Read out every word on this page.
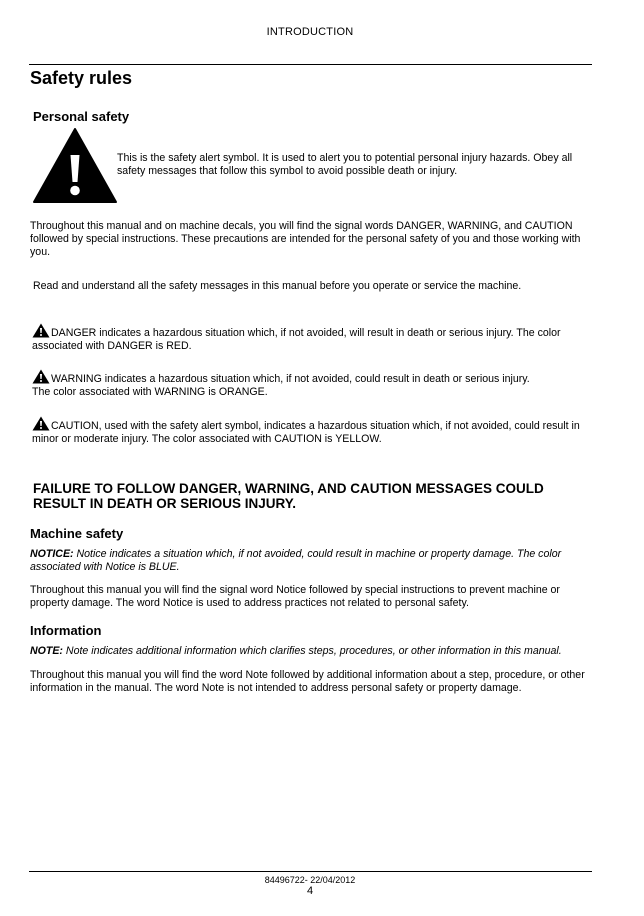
INTRODUCTION
Safety rules
Personal safety
This is the safety alert symbol. It is used to alert you to potential personal injury hazards. Obey all safety messages that follow this symbol to avoid possible death or injury.
Throughout this manual and on machine decals, you will find the signal words DANGER, WARNING, and CAUTION followed by special instructions. These precautions are intended for the personal safety of you and those working with you.
Read and understand all the safety messages in this manual before you operate or service the machine.
DANGER indicates a hazardous situation which, if not avoided, will result in death or serious injury. The color associated with DANGER is RED.
WARNING indicates a hazardous situation which, if not avoided, could result in death or serious injury.
The color associated with WARNING is ORANGE.
CAUTION, used with the safety alert symbol, indicates a hazardous situation which, if not avoided, could result in minor or moderate injury. The color associated with CAUTION is YELLOW.
FAILURE TO FOLLOW DANGER, WARNING, AND CAUTION MESSAGES COULD RESULT IN DEATH OR SERIOUS INJURY.
Machine safety
NOTICE: Notice indicates a situation which, if not avoided, could result in machine or property damage. The color associated with Notice is BLUE.
Throughout this manual you will find the signal word Notice followed by special instructions to prevent machine or property damage. The word Notice is used to address practices not related to personal safety.
Information
NOTE: Note indicates additional information which clarifies steps, procedures, or other information in this manual.
Throughout this manual you will find the word Note followed by additional information about a step, procedure, or other information in the manual. The word Note is not intended to address personal safety or property damage.
84496722- 22/04/2012
4
